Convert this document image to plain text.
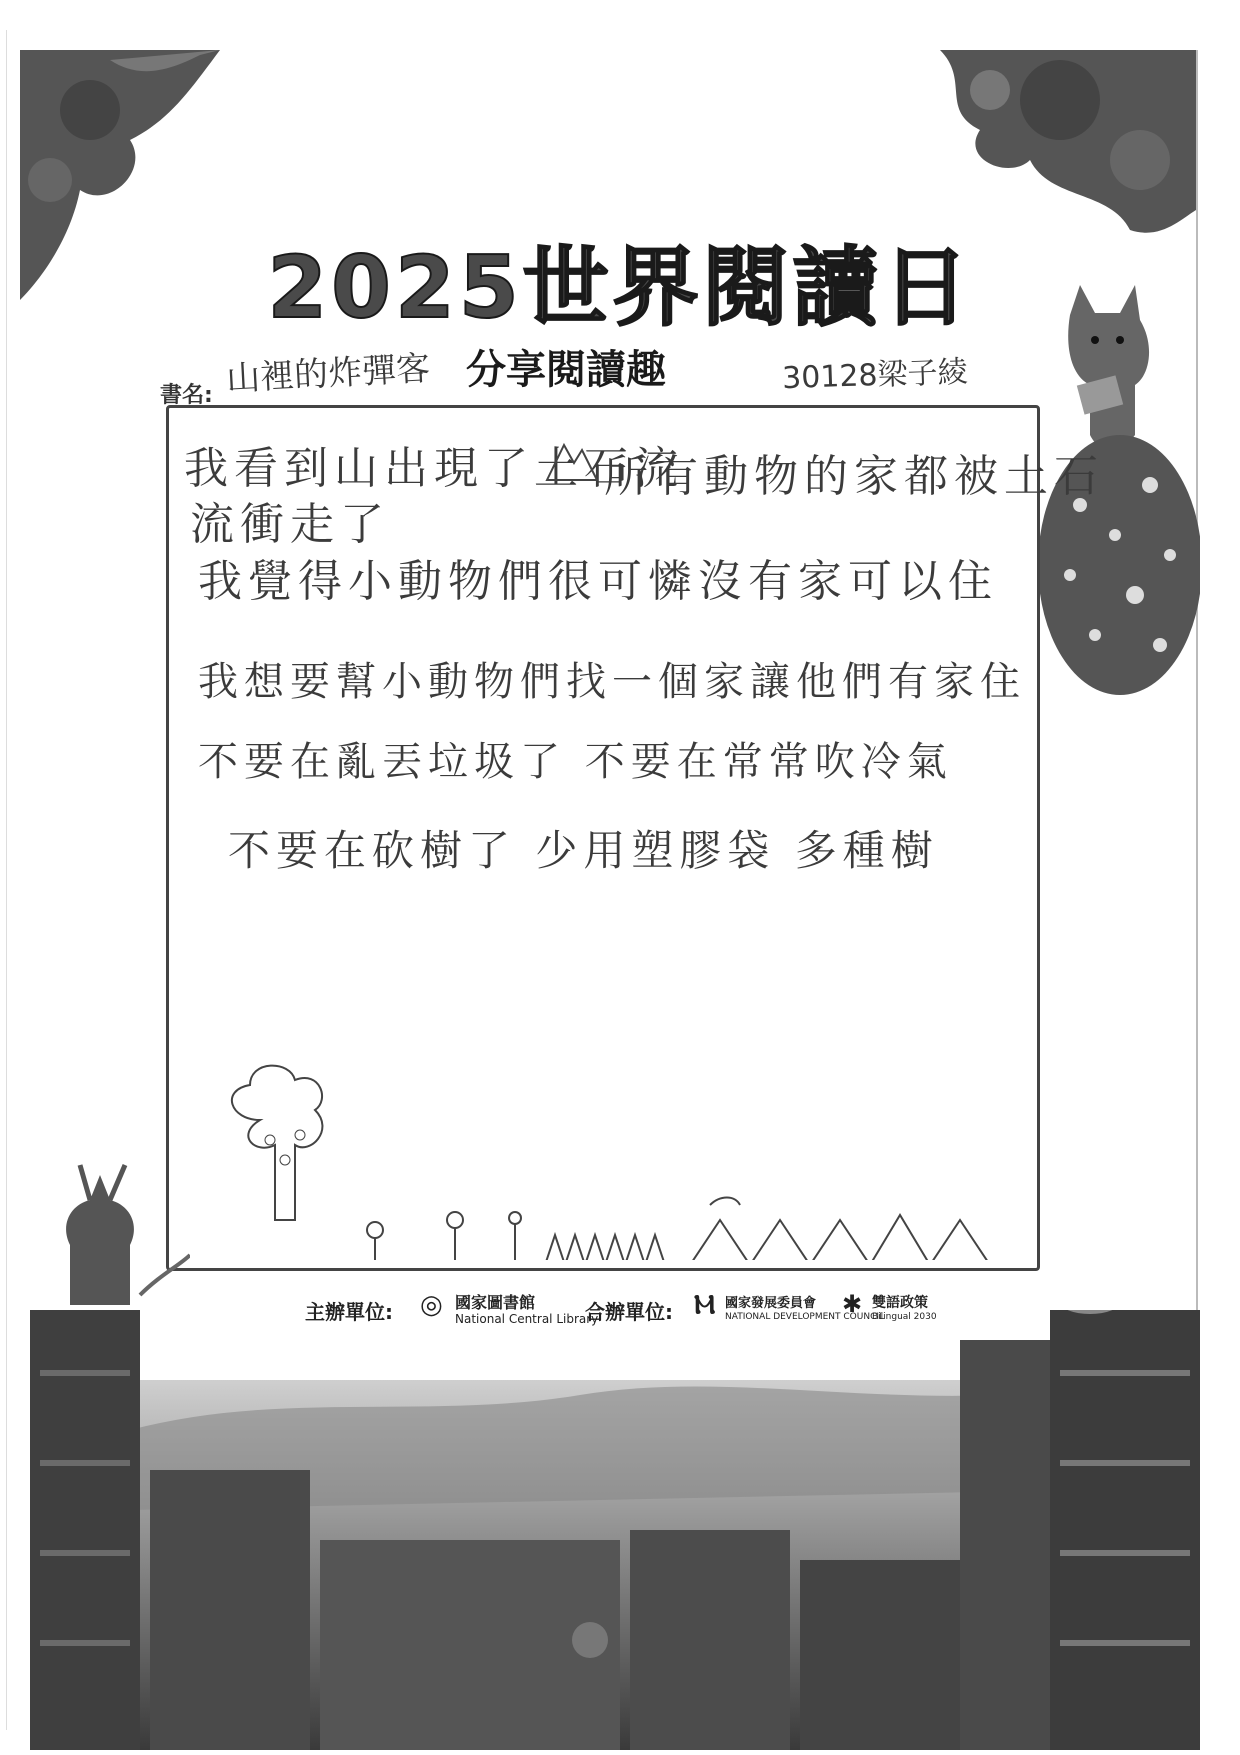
2025世界閱讀日
書名: 山裡的炸彈客 分享閱讀趣	30128梁子綾
我看到山出現了土石流
所有動物的家都被土石
流衝走了
我覺得小動物們很可憐沒有家可以住
我想要幫小動物們找一個家讓他們有家住
不要在亂丟垃圾了 不要在常常吹冷氣
不要在砍樹了 少用塑膠袋 多種樹
主辦單位: ◎ 國家圖書館
National Central Library
合辦單位: Ⲙ 國家發展委員會
NATIONAL DEVELOPMENT COUNCIL
✱ 雙語政策
Bilingual 2030
